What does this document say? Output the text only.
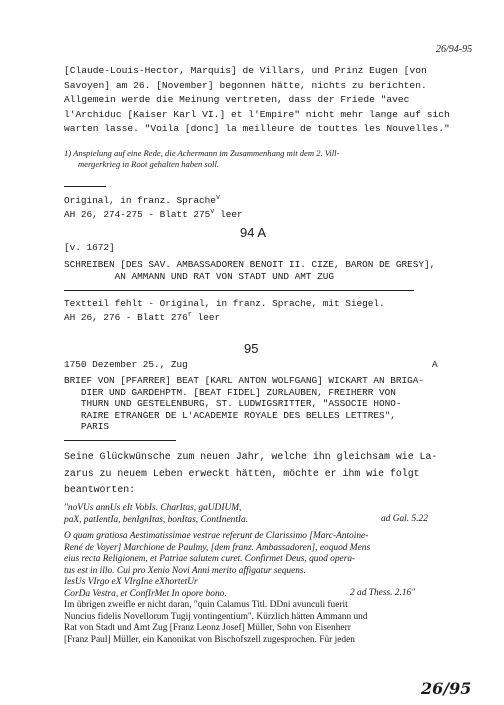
26/94-95
[Claude-Louis-Hector, Marquis] de Villars, und Prinz Eugen [von
Savoyen] am 26. [November] begonnen hätte, nichts zu berichten.
Allgemein werde die Meinung vertreten, dass der Friede "avec
l'Archiduc [Kaiser Karl VI.] et l'Empire" nicht mehr lange auf sich
warten lasse. "Voila [donc] la meilleure de touttes les Nouvelles."
1) Anspielung auf eine Rede, die Achermann im Zusammenhang mit dem 2. Vill-
mergerkrieg in Root gehalten haben soll.
Original, in franz. Sprache$^v$
AH 26, 274-275 - Blatt 275$^v$ leer
94 A
[v. 1672]
SCHREIBEN [DES SAV. AMBASSADOREN BENOIT II. CIZE, BARON DE GRESY],
AN AMMANN UND RAT VON STADT UND AMT ZUG
Textteil fehlt - Original, in franz. Sprache, mit Siegel.
AH 26, 276 - Blatt 276$^r$ leer
95
1750 Dezember 25., Zug	A
BRIEF VON [PFARRER] BEAT [KARL ANTON WOLFGANG] WICKART AN BRIGA-
DIER UND GARDEHPTM. [BEAT FIDEL] ZURLAUBEN, FREIHERR VON
THURN UND GESTELENBURG, ST. LUDWIGSRITTER, "ASSOCIE HONO-
RAIRE ETRANGER DE L'ACADEMIE ROYALE DES BELLES LETTRES",
PARIS
Seine Glückwünsche zum neuen Jahr, welche ihn gleichsam wie La-
zarus zu neuem Leben erweckt hätten, möchte er ihm wie folgt
beantworten:
"noVUs annUs eIt VobIs. CharItas, gaUDIUM,
paX, patIentIa, benIgnItas, bonItas, ContInentIa.	ad Gal. 5.22
O quam gratiosa Aestimatissimae vestrae referunt de Clarissimo [Marc-Antoine-
René de Voyer] Marchione de Paulmy, [dem franz. Ambassadoren], eoquod Mens
eius recta Religionem, et Patriae salutem curet. Confirmet Deus, quod opera-
tus est in illo. Cui pro Xenio Novi Anni merito affigatur sequens.
IesUs VIrgo eX VIrgIne eXhortetUr
CorDa Vestra, et ConfIrMet In opore bono.	2 ad Thess. 2.16"
Im übrigen zweifle er nicht daran, "quin Calamus Titl. DDni avunculi fuerit
Nuncius fidelis Novellorum Tugij vontingentium". Kürzlich hätten Ammann und
Rat von Stadt und Amt Zug [Franz Leonz Josef] Müller, Sohn von Eisenherr
[Franz Paul] Müller, ein Kanonikat von Bischofszell zugesprochen. Für jeden
26/95
